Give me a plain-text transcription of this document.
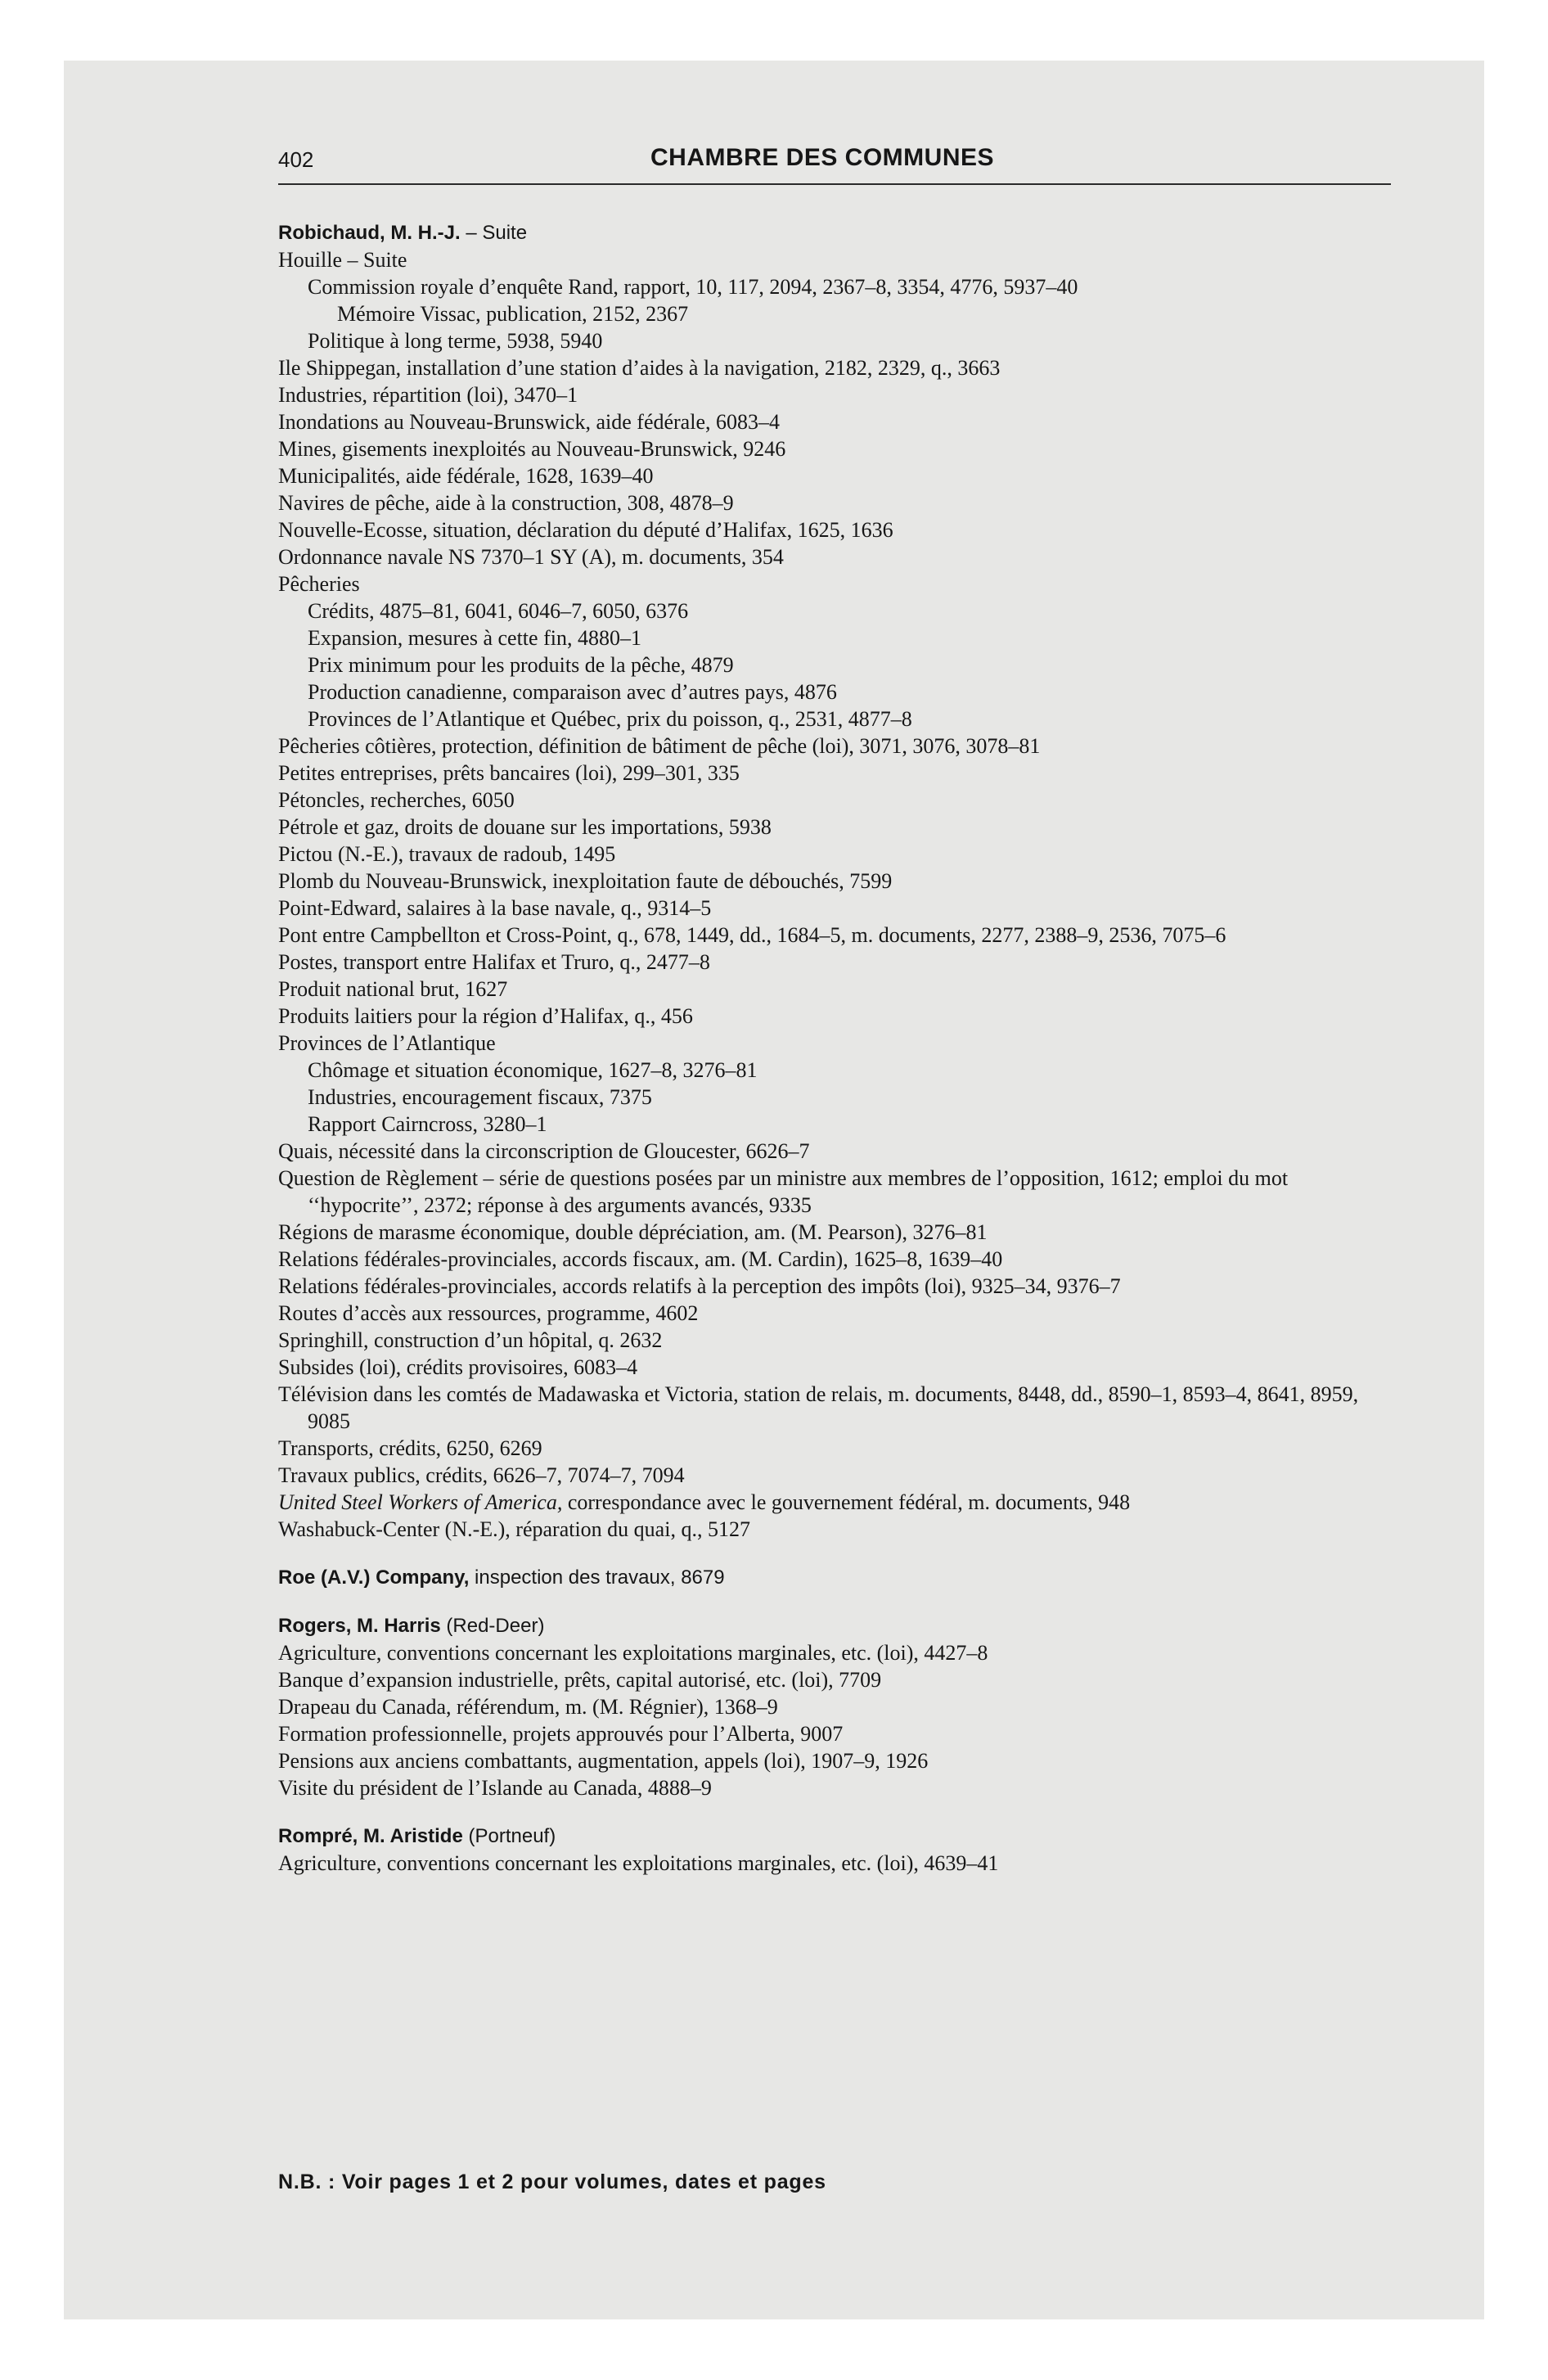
402	CHAMBRE DES COMMUNES
Robichaud, M. H.-J. – Suite
Houille – Suite
Commission royale d’enquête Rand, rapport, 10, 117, 2094, 2367–8, 3354, 4776, 5937–40
Mémoire Vissac, publication, 2152, 2367
Politique à long terme, 5938, 5940
Ile Shippegan, installation d’une station d’aides à la navigation, 2182, 2329, q., 3663
Industries, répartition (loi), 3470–1
Inondations au Nouveau-Brunswick, aide fédérale, 6083–4
Mines, gisements inexploités au Nouveau-Brunswick, 9246
Municipalités, aide fédérale, 1628, 1639–40
Navires de pêche, aide à la construction, 308, 4878–9
Nouvelle-Ecosse, situation, déclaration du député d’Halifax, 1625, 1636
Ordonnance navale NS 7370–1 SY (A), m. documents, 354
Pêcheries
Crédits, 4875–81, 6041, 6046–7, 6050, 6376
Expansion, mesures à cette fin, 4880–1
Prix minimum pour les produits de la pêche, 4879
Production canadienne, comparaison avec d’autres pays, 4876
Provinces de l’Atlantique et Québec, prix du poisson, q., 2531, 4877–8
Pêcheries côtières, protection, définition de bâtiment de pêche (loi), 3071, 3076, 3078–81
Petites entreprises, prêts bancaires (loi), 299–301, 335
Pétoncles, recherches, 6050
Pétrole et gaz, droits de douane sur les importations, 5938
Pictou (N.-E.), travaux de radoub, 1495
Plomb du Nouveau-Brunswick, inexploitation faute de débouchés, 7599
Point-Edward, salaires à la base navale, q., 9314–5
Pont entre Campbellton et Cross-Point, q., 678, 1449, dd., 1684–5, m. documents, 2277, 2388–9, 2536, 7075–6
Postes, transport entre Halifax et Truro, q., 2477–8
Produit national brut, 1627
Produits laitiers pour la région d’Halifax, q., 456
Provinces de l’Atlantique
Chômage et situation économique, 1627–8, 3276–81
Industries, encouragement fiscaux, 7375
Rapport Cairncross, 3280–1
Quais, nécessité dans la circonscription de Gloucester, 6626–7
Question de Règlement – série de questions posées par un ministre aux membres de l’opposition, 1612; emploi du mot ‘‘hypocrite’’, 2372; réponse à des arguments avancés, 9335
Régions de marasme économique, double dépréciation, am. (M. Pearson), 3276–81
Relations fédérales-provinciales, accords fiscaux, am. (M. Cardin), 1625–8, 1639–40
Relations fédérales-provinciales, accords relatifs à la perception des impôts (loi), 9325–34, 9376–7
Routes d’accès aux ressources, programme, 4602
Springhill, construction d’un hôpital, q. 2632
Subsides (loi), crédits provisoires, 6083–4
Télévision dans les comtés de Madawaska et Victoria, station de relais, m. documents, 8448, dd., 8590–1, 8593–4, 8641, 8959, 9085
Transports, crédits, 6250, 6269
Travaux publics, crédits, 6626–7, 7074–7, 7094
United Steel Workers of America, correspondance avec le gouvernement fédéral, m. documents, 948
Washabuck-Center (N.-E.), réparation du quai, q., 5127
Roe (A.V.) Company, inspection des travaux, 8679
Rogers, M. Harris (Red-Deer)
Agriculture, conventions concernant les exploitations marginales, etc. (loi), 4427–8
Banque d’expansion industrielle, prêts, capital autorisé, etc. (loi), 7709
Drapeau du Canada, référendum, m. (M. Régnier), 1368–9
Formation professionnelle, projets approuvés pour l’Alberta, 9007
Pensions aux anciens combattants, augmentation, appels (loi), 1907–9, 1926
Visite du président de l’Islande au Canada, 4888–9
Rompré, M. Aristide (Portneuf)
Agriculture, conventions concernant les exploitations marginales, etc. (loi), 4639–41
N.B. : Voir pages 1 et 2 pour volumes, dates et pages
